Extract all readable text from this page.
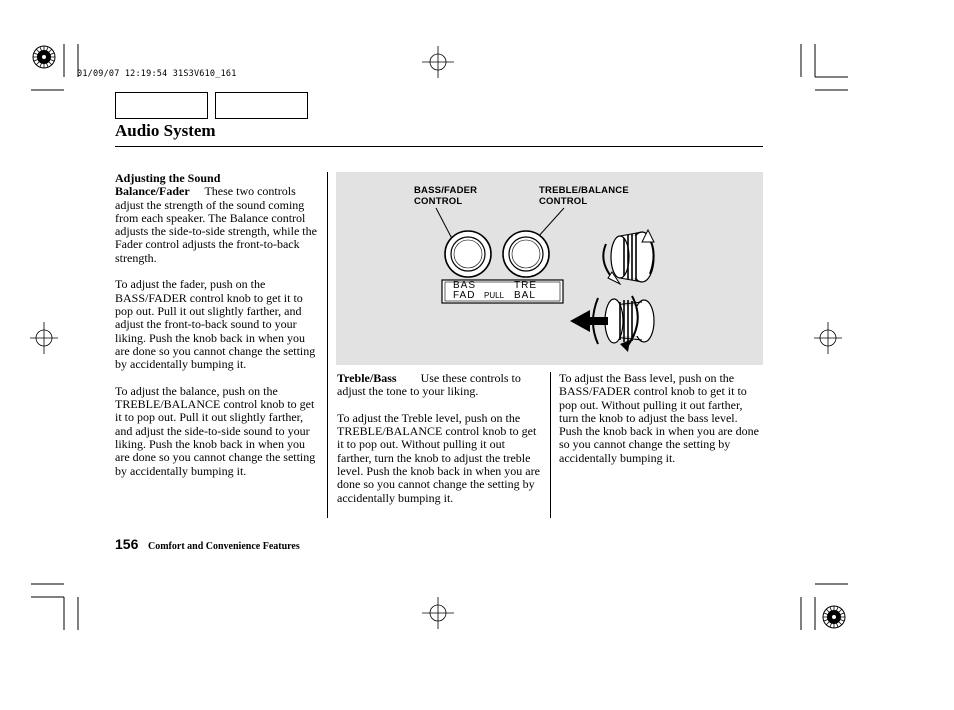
01/09/07 12:19:54 31S3V610_161
Audio System

Adjusting the Sound
Balance/Fader These two controls adjust the strength of the sound coming from each speaker. The Balance control adjusts the side-to-side strength, while the Fader control adjusts the front-to-back strength.

To adjust the fader, push on the BASS/FADER control knob to get it to pop out. Pull it out slightly farther, and adjust the front-to-back sound to your liking. Push the knob back in when you are done so you cannot change the setting by accidentally bumping it.

To adjust the balance, push on the TREBLE/BALANCE control knob to get it to pop out. Pull it out slightly farther, and adjust the side-to-side sound to your liking. Push the knob back in when you are done so you cannot change the setting by accidentally bumping it.

BASS/FADER
CONTROL
TREBLE/BALANCE
CONTROL
BAS
FAD PULL
TRE
BAL

Treble/Bass Use these controls to adjust the tone to your liking.

To adjust the Treble level, push on the TREBLE/BALANCE control knob to get it to pop out. Without pulling it out farther, turn the knob to adjust the treble level. Push the knob back in when you are done so you cannot change the setting by accidentally bumping it.

To adjust the Bass level, push on the BASS/FADER control knob to get it to pop out. Without pulling it out farther, turn the knob to adjust the bass level. Push the knob back in when you are done so you cannot change the setting by accidentally bumping it.

156 Comfort and Convenience Features
